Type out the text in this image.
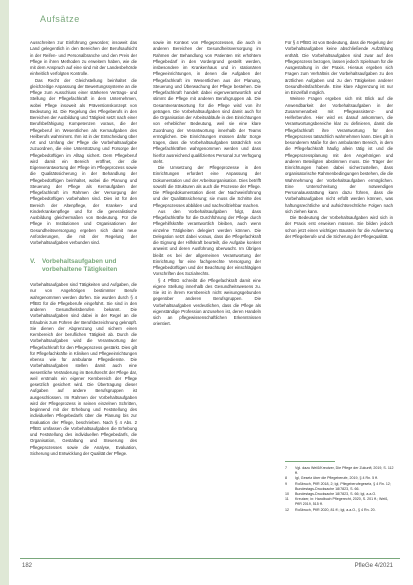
Aufsätze

Ausschreiten zur Einführung geworden; insoweit das Land gelegentlich in den Bereichen der Berufsaufsicht in der Reifen- und Personalbranche und den Preis der Pflege in ihren Methoden zu erweitern haben, wie die mit dem Anspruch auf eine sind mit der Landesbehörde einheitlich verfolgten Kontrolle.

Das Recht der Gleichstellung beinhaltet die gleichzeitige Anpassung der Bewertungssysteme an die Pflege zum Ausschluss einer stärkeren Vertrags- und Stellung der Pflegefachkraft in dem Unternehmen, wobei Pflege insoweit als Präventionskonzept von Bedeutung ist. Die Regelung des Pflegeberufs in den Bereichen der Ausbildung und Tätigkeit setzt nach einer Berufsbefähigung Kompetenzen voraus, die der Pflegeberuf im Wesentlichen als Kernaufgaben des Heilberufs wahrnimmt. Ihm ist in der Entscheidung über Art und Umfang der Pflege die Vorbehaltsaufgabe zuzuordnen, die eine Unterstützung und Fürsorge der Pflegebedürftigen im Alltag sichert. Dem Pflegeberuf wird damit ein Bereich eröffnet, der die Eigenverantwortung der Pflege im Pflegeprozess sowie die Qualitätssicherung in der Behandlung der Pflegebedürftigen beinhaltet, wobei die Planung und Steuerung der Pflege als Kernaufgaben der Pflegefachkraft im Rahmen der Versorgung der Pflegebedürftigen vorbehalten sind. Dies ist für den Bereich der Altenpflege, der Kranken- und Kinderkrankenpflege und für die generalistische Ausbildung gleichermaßen von Bedeutung. Für die Pflege in Institutionen und Organisationen der Gesundheitsversorgung ergeben sich damit neue Anforderungen, die mit der Regelung der Vorbehaltsaufgaben verbunden sind.

V. Vorbehaltsaufgaben und
vorbehaltene Tätigkeiten

Vorbehaltsaufgaben sind Tätigkeiten und Aufgaben, die nur von Angehörigen bestimmter Berufe wahrgenommen werden dürfen. Sie wurden durch § 4 PflBG für die Pflegeberufe eingeführt. Sie sind in den anderen Gesundheitsberufen bekannt. Die Vorbehaltsaufgaben sind dabei in der Regel an die Erlaubnis zum Führen der Berufsbezeichnung geknüpft. Sie dienen der Abgrenzung und sichern einen Kernbereich der beruflichen Tätigkeit ab. Durch die Vorbehaltsaufgaben wird die Verantwortung der Pflegefachkraft für den Pflegeprozess gestärkt. Dies gilt für Pflegefachkräfte in Kliniken und Pflegeeinrichtungen ebenso wie für ambulante Pflegedienste. Die Vorbehaltsaufgaben stellen damit auch eine wesentliche Veränderung im Berufsrecht der Pflege dar, weil erstmals ein eigener Kernbereich der Pflege gesetzlich gesichert wird. Die Übertragung dieser Aufgaben auf andere Berufsgruppen ist ausgeschlossen. Im Rahmen der Vorbehaltsaufgaben wird der Pflegeprozess in seinen einzelnen Schritten, beginnend mit der Erhebung und Feststellung des individuellen Pflegebedarfs über die Planung bis zur Evaluation der Pflege, beschrieben. Nach § 4 Abs. 2 PflBG umfassen die Vorbehaltsaufgaben die Erhebung und Feststellung des individuellen Pflegebedarfs, die Organisation, Gestaltung und Steuerung des Pflegeprozesses sowie die Analyse, Evaluation, Sicherung und Entwicklung der Qualität der Pflege.

sowie im Kontext von Pflegeprozessen, die auch in anderen Bereichen der Gesundheitsversorgung im Rahmen der Behandlung von Patienten mit erhöhtem Pflegebedarf in den Vordergrund gestellt werden, insbesondere im Krankenhaus und in stationären Pflegeeinrichtungen, in denen die Aufgaben der Pflegefachkraft im Wesentlichen aus der Planung, Steuerung und Überwachung der Pflege bestehen. Die Pflegefachkraft handelt dabei eigenverantwortlich und stimmt die Pflege mit anderen Berufsgruppen ab. Die Gesamtverantwortung für die Pflege wird von ihr getragen. Die Vorbehaltsaufgaben sind damit auch für die Organisation der Arbeitsabläufe in den Einrichtungen von erheblicher Bedeutung, weil sie eine klare Zuordnung der Verantwortung innerhalb der Teams ermöglichen. Die Einrichtungen müssen dafür Sorge tragen, dass die Vorbehaltsaufgaben tatsächlich von Pflegefachkräften wahrgenommen werden und dass hierfür ausreichend qualifiziertes Personal zur Verfügung steht.

Die Umsetzung der Pflegeprozesse in den Einrichtungen erfordert eine Anpassung der Dokumentation und der Arbeitsorganisation. Dies betrifft sowohl die Strukturen als auch die Prozesse der Pflege. Die Pflegedokumentation dient der Nachweisführung und der Qualitätssicherung; sie muss die Schritte des Pflegeprozesses abbilden und nachvollziehbar machen.

Aus den Vorbehaltsaufgaben folgt, dass Pflegefachkräfte für die Durchführung der Pflege durch Pflegehilfskräfte verantwortlich bleiben, auch wenn einzelne Tätigkeiten delegiert werden können. Die Delegation setzt dabei voraus, dass die Pflegefachkraft die Eignung der Hilfskraft beurteilt, die Aufgabe konkret anweist und deren Ausführung überwacht. Im Übrigen bleibt es bei der allgemeinen Verantwortung der Einrichtung für eine fachgerechte Versorgung der Pflegebedürftigen und der Beachtung der einschlägigen Vorschriften des Sozialrechts.

§ 4 PflBG schreibt die Pflegefachkraft damit eine eigene Stellung innerhalb des Gesundheitswesens zu. Sie ist in ihrem Kernbereich nicht weisungsgebunden gegenüber anderen Berufsgruppen. Die Vorbehaltsaufgaben verdeutlichen, dass die Pflege als eigenständige Profession anzusehen ist, deren Handeln sich an pflegewissenschaftlichen Erkenntnissen orientiert.

Für § 4 PflBG ist von Bedeutung, dass die Regelung der Vorbehaltsaufgaben keine abschließende Aufzählung enthält. Die Vorbehaltsaufgaben sind zwar auf den Pflegeprozess bezogen, lassen jedoch Spielraum für die Ausgestaltung in der Praxis. Hieraus ergeben sich Fragen zum Verhältnis der Vorbehaltsaufgaben zu den ärztlichen Aufgaben und zu den Tätigkeiten anderer Gesundheitsfachberufe. Eine klare Abgrenzung ist nur im Einzelfall möglich.

Weitere Fragen ergeben sich mit Blick auf die Anwendbarkeit der Vorbehaltsaufgaben in der Zusammenarbeit mit Pflegeassistenz- und Helferberufen. Hier wird es darauf ankommen, die Verantwortungsbereiche klar zu definieren, damit die Pflegefachkraft ihre Verantwortung für den Pflegeprozess tatsächlich wahrnehmen kann. Dies gilt in besonderem Maße für den ambulanten Bereich, in dem die Pflegefachkraft häufig allein tätig ist und die Pflegeprozessplanung mit den Angehörigen und anderen Beteiligten abstimmen muss. Die Träger der Einrichtungen haben dabei sicherzustellen, dass organisatorische Rahmenbedingungen bestehen, die die Wahrnehmung der Vorbehaltsaufgaben ermöglichen. Eine Unterschreitung der notwendigen Personalausstattung kann dazu führen, dass die Vorbehaltsaufgaben nicht erfüllt werden können, was haftungsrechtliche und aufsichtsrechtliche Folgen nach sich ziehen kann.

Die Bedeutung der Vorbehaltsaufgaben wird sich in der Praxis erst erweisen müssen. Sie bilden jedoch schon jetzt einen wichtigen Baustein für die Aufwertung der Pflegeberufe und die Sicherung der Pflegequalität.

7	Vgl. dazu Weiß/Kreutzer, Die Pflege der Zukunft, 2019, S. 112 ff.
8	Igl, Gesetz über die Pflegeberufe, 2019, § 4 Rn. 5 ff.
9	Roßbruch, PflR 2018, 2; Igl, Pflegeberufegesetz, § 4 Rn. 12; Bundestags-Drucksache 18/7823, S. 66.
10	Bundestags-Drucksache 18/7823, S. 66; Igl, a.a.O.
11	Kreutzer, in: Handbuch Pflegerecht, 2020, S. 201 ff.; Weiß, PflR 2019, 515 ff.
12	Roßbruch, PflR 2020, 81 ff.; Igl, a.a.O., § 4 Rn. 20.
182	PfleGe 4/2021
